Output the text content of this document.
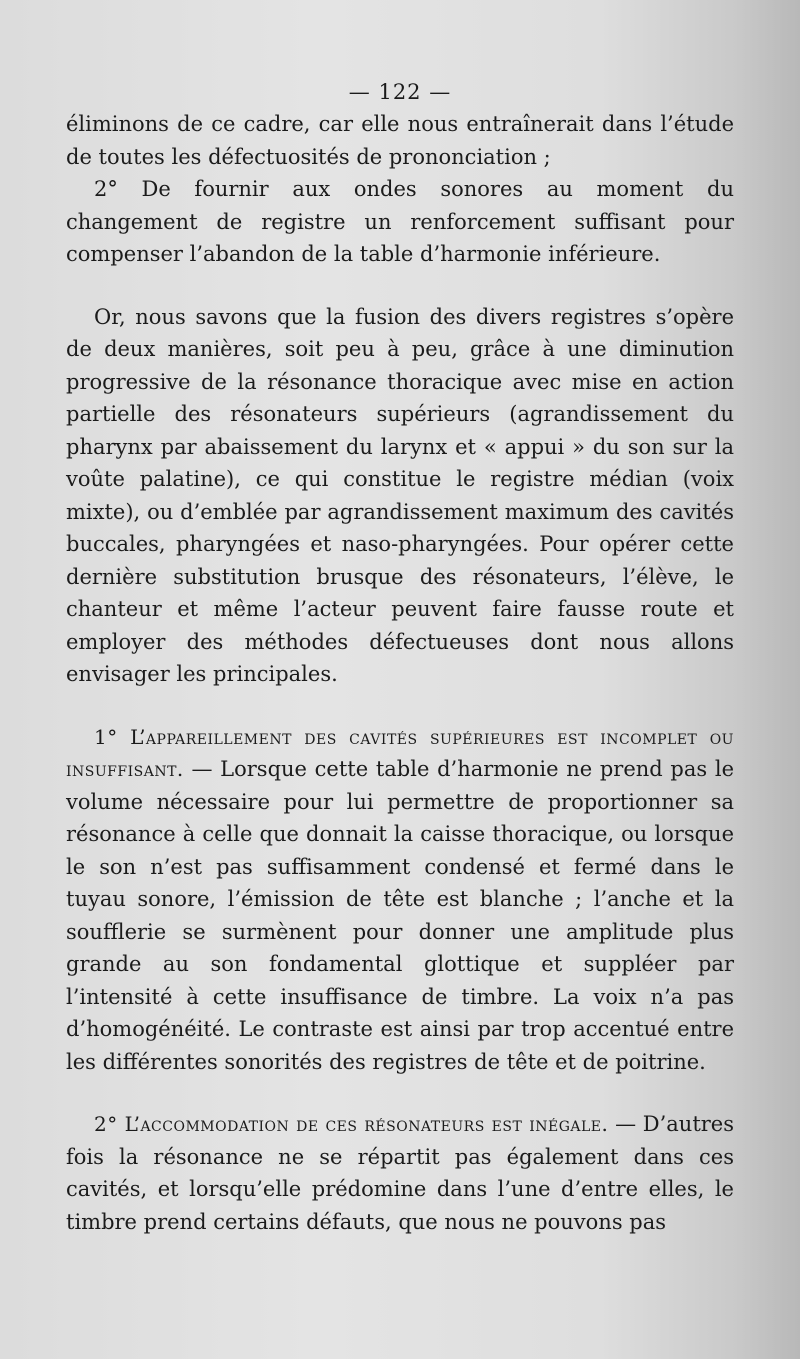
— 122 —

éliminons de ce cadre, car elle nous entraînerait dans l’étude de toutes les défectuosités de prononciation ;

2° De fournir aux ondes sonores au moment du changement de registre un renforcement suffisant pour compenser l’abandon de la table d’harmonie inférieure.

Or, nous savons que la fusion des divers registres s’opère de deux manières, soit peu à peu, grâce à une diminution progressive de la résonance thoracique avec mise en action partielle des résonateurs supérieurs (agrandissement du pharynx par abaissement du larynx et « appui » du son sur la voûte palatine), ce qui constitue le registre médian (voix mixte), ou d’emblée par agrandissement maximum des cavités buccales, pharyngées et naso-pharyngées. Pour opérer cette dernière substitution brusque des résonateurs, l’élève, le chanteur et même l’acteur peuvent faire fausse route et employer des méthodes défectueuses dont nous allons envisager les principales.

1° L’appareillement des cavités supérieures est incomplet ou insuffisant. — Lorsque cette table d’harmonie ne prend pas le volume nécessaire pour lui permettre de proportionner sa résonance à celle que donnait la caisse thoracique, ou lorsque le son n’est pas suffisamment condensé et fermé dans le tuyau sonore, l’émission de tête est blanche ; l’anche et la soufflerie se surmènent pour donner une amplitude plus grande au son fondamental glottique et suppléer par l’intensité à cette insuffisance de timbre. La voix n’a pas d’homogénéité. Le contraste est ainsi par trop accentué entre les différentes sonorités des registres de tête et de poitrine.

2° L’accommodation de ces résonateurs est inégale. — D’autres fois la résonance ne se répartit pas également dans ces cavités, et lorsqu’elle prédomine dans l’une d’entre elles, le timbre prend certains défauts, que nous ne pouvons pas
